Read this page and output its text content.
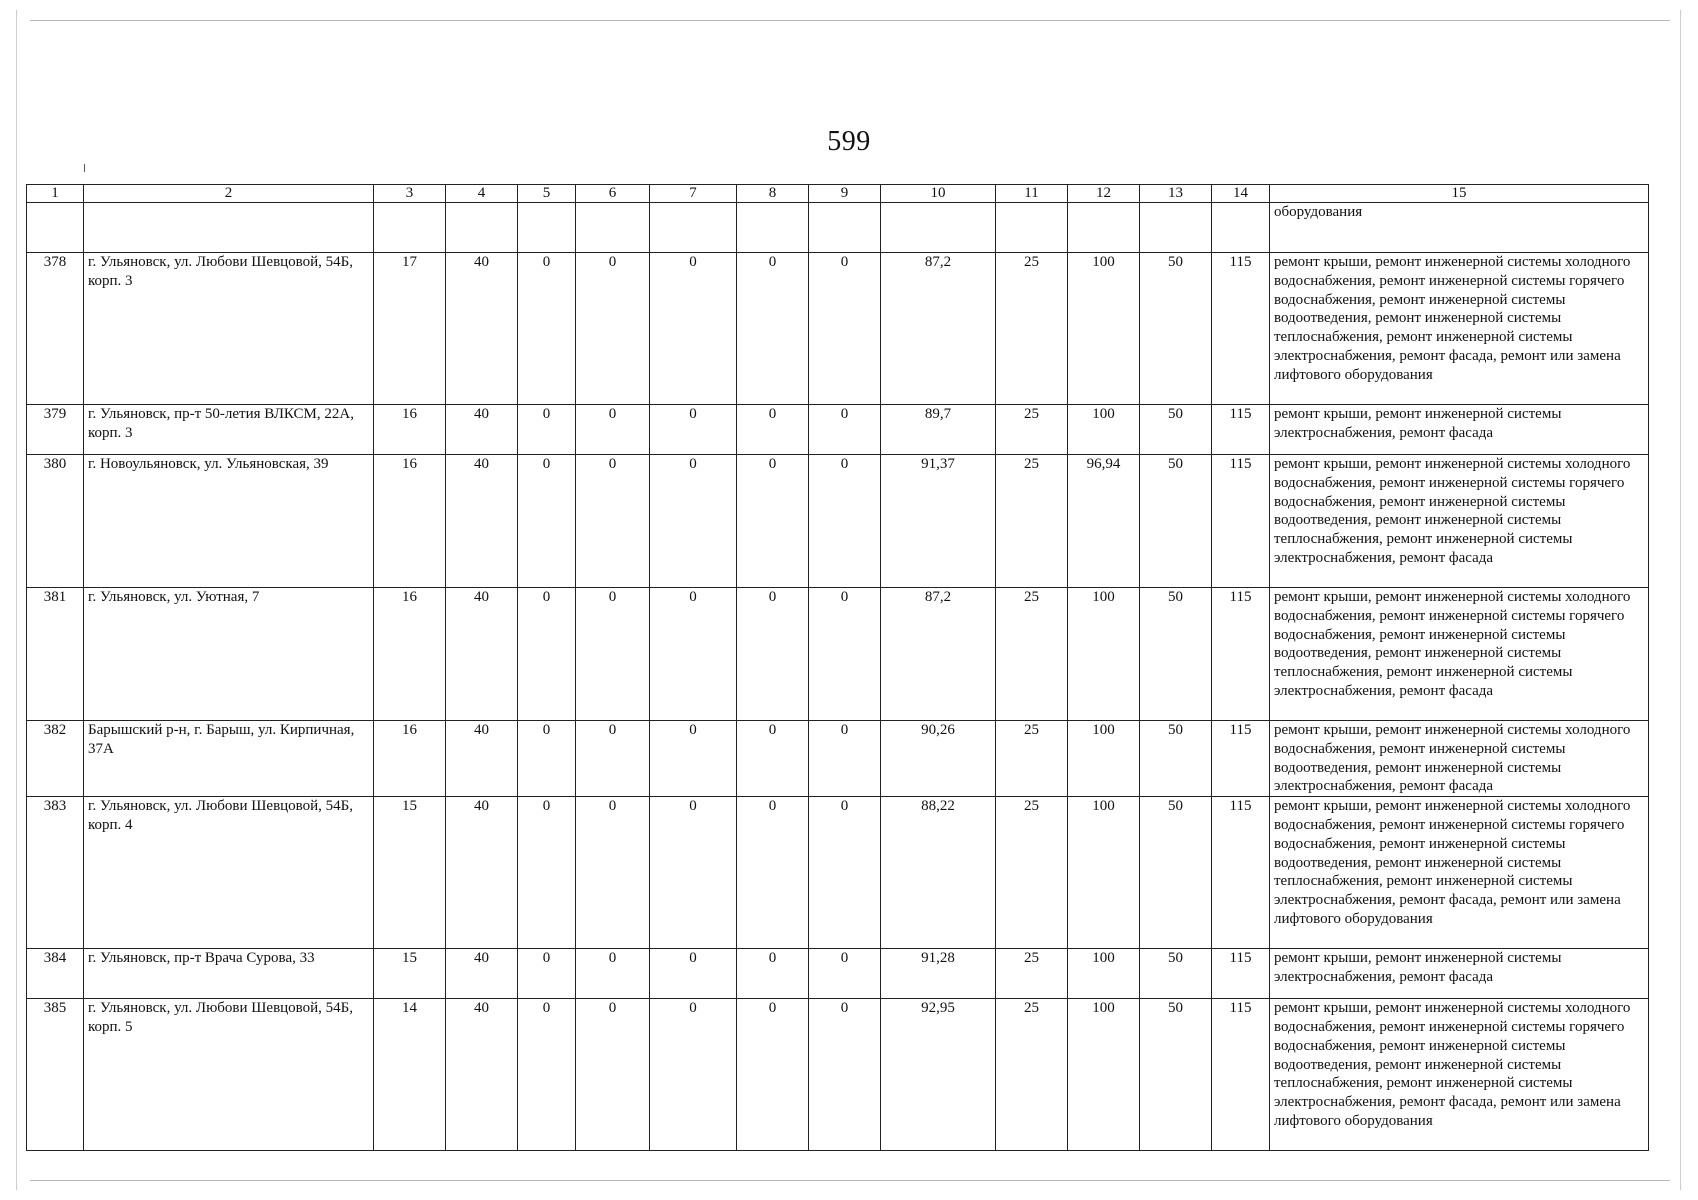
599
1	2	3	4	5	6	7	8	9	10	11	12	13	14	15
														оборудования
378	г. Ульяновск, ул. Любови Шевцовой, 54Б, корп. 3	17	40	0	0	0	0	0	87,2	25	100	50	115	ремонт крыши, ремонт инженерной системы холодного водоснабжения, ремонт инженерной системы горячего водоснабжения, ремонт инженерной системы водоотведения, ремонт инженерной системы теплоснабжения, ремонт инженерной системы электроснабжения, ремонт фасада, ремонт или замена лифтового оборудования
379	г. Ульяновск, пр-т 50-летия ВЛКСМ, 22А, корп. 3	16	40	0	0	0	0	0	89,7	25	100	50	115	ремонт крыши, ремонт инженерной системы электроснабжения, ремонт фасада
380	г. Новоульяновск, ул. Ульяновская, 39	16	40	0	0	0	0	0	91,37	25	96,94	50	115	ремонт крыши, ремонт инженерной системы холодного водоснабжения, ремонт инженерной системы горячего водоснабжения, ремонт инженерной системы водоотведения, ремонт инженерной системы теплоснабжения, ремонт инженерной системы электроснабжения, ремонт фасада
381	г. Ульяновск, ул. Уютная, 7	16	40	0	0	0	0	0	87,2	25	100	50	115	ремонт крыши, ремонт инженерной системы холодного водоснабжения, ремонт инженерной системы горячего водоснабжения, ремонт инженерной системы водоотведения, ремонт инженерной системы теплоснабжения, ремонт инженерной системы электроснабжения, ремонт фасада
382	Барышский р-н, г. Барыш, ул. Кирпичная, 37А	16	40	0	0	0	0	0	90,26	25	100	50	115	ремонт крыши, ремонт инженерной системы холодного водоснабжения, ремонт инженерной системы водоотведения, ремонт инженерной системы электроснабжения, ремонт фасада
383	г. Ульяновск, ул. Любови Шевцовой, 54Б, корп. 4	15	40	0	0	0	0	0	88,22	25	100	50	115	ремонт крыши, ремонт инженерной системы холодного водоснабжения, ремонт инженерной системы горячего водоснабжения, ремонт инженерной системы водоотведения, ремонт инженерной системы теплоснабжения, ремонт инженерной системы электроснабжения, ремонт фасада, ремонт или замена лифтового оборудования
384	г. Ульяновск, пр-т Врача Сурова, 33	15	40	0	0	0	0	0	91,28	25	100	50	115	ремонт крыши, ремонт инженерной системы электроснабжения, ремонт фасада
385	г. Ульяновск, ул. Любови Шевцовой, 54Б, корп. 5	14	40	0	0	0	0	0	92,95	25	100	50	115	ремонт крыши, ремонт инженерной системы холодного водоснабжения, ремонт инженерной системы горячего водоснабжения, ремонт инженерной системы водоотведения, ремонт инженерной системы теплоснабжения, ремонт инженерной системы электроснабжения, ремонт фасада, ремонт или замена лифтового оборудования
